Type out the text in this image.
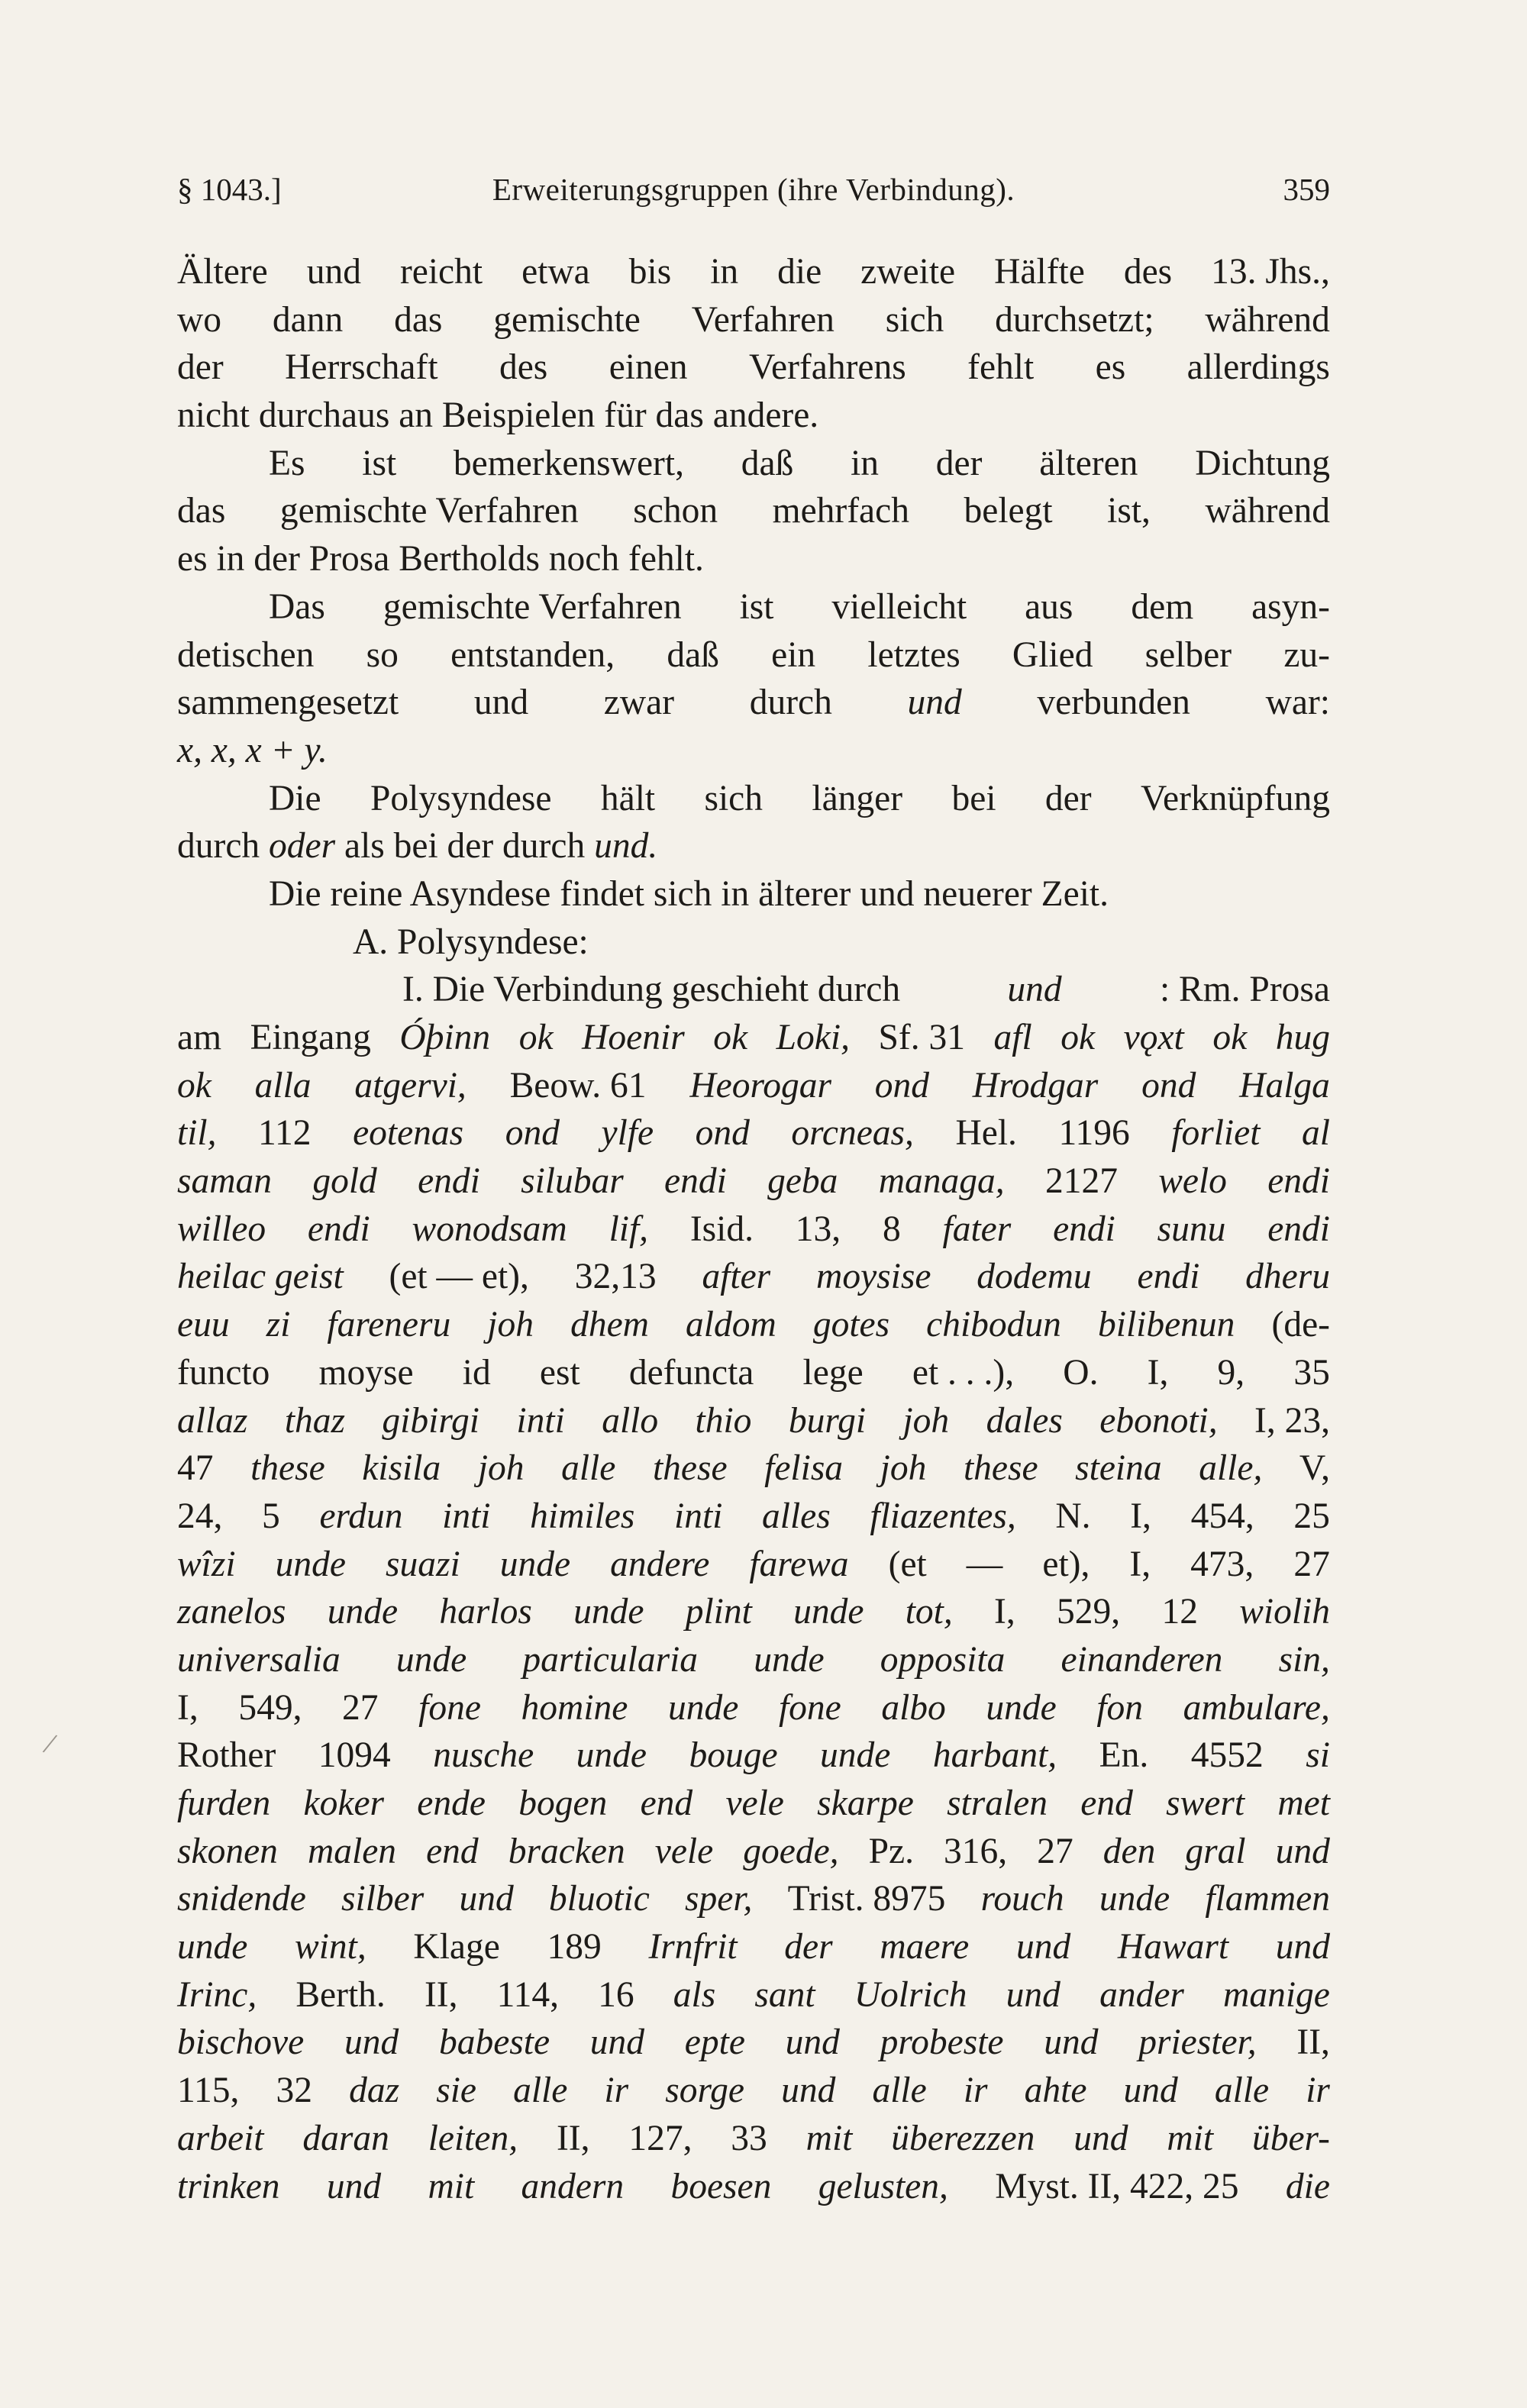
§ 1043.]	Erweiterungsgruppen (ihre Verbindung).	359
Ältere und reicht etwa bis in die zweite Hälfte des 13. Jhs.,
wo dann das gemischte Verfahren sich durchsetzt; während
der Herrschaft des einen Verfahrens fehlt es allerdings
nicht durchaus an Beispielen für das andere.
Es ist bemerkenswert, daß in der älteren Dichtung
das gemischte Verfahren schon mehrfach belegt ist, während
es in der Prosa Bertholds noch fehlt.
Das gemischte Verfahren ist vielleicht aus dem asyn-
detischen so entstanden, daß ein letztes Glied selber zu-
sammengesetzt und zwar durch und verbunden war:
x, x, x + y.
Die Polysyndese hält sich länger bei der Verknüpfung
durch oder als bei der durch und.
Die reine Asyndese findet sich in älterer und neuerer Zeit.
A. Polysyndese:
I. Die Verbindung geschieht durch	und	: Rm. Prosa
am Eingang Óþinn ok Hoenir ok Loki, Sf. 31 afl ok vǫxt ok hug
ok alla atgervi, Beow. 61 Heorogar ond Hrodgar ond Halga
til, 112 eotenas ond ylfe ond orcneas, Hel. 1196 forliet al
saman gold endi silubar endi geba managa, 2127 welo endi
willeo endi wonodsam lif, Isid. 13, 8 fater endi sunu endi
heilac geist (et — et), 32,13 after moysise dodemu endi dheru
euu zi fareneru joh dhem aldom gotes chibodun bilibenun (de-
functo moyse id est defuncta lege et . . .), O. I, 9, 35
allaz thaz gibirgi inti allo thio burgi joh dales ebonoti, I, 23,
47 these kisila joh alle these felisa joh these steina alle, V,
24, 5 erdun inti himiles inti alles fliazentes, N. I, 454, 25
wîzi unde suazi unde andere farewa (et — et), I, 473, 27
zanelos unde harlos unde plint unde tot, I, 529, 12 wiolih
universalia unde particularia unde opposita einanderen sin,
I, 549, 27 fone homine unde fone albo unde fon ambulare,
Rother 1094 nusche unde bouge unde harbant, En. 4552 si
furden koker ende bogen end vele skarpe stralen end swert met
skonen malen end bracken vele goede, Pz. 316, 27 den gral und
snidende silber und bluotic sper, Trist. 8975 rouch unde flammen
unde wint, Klage 189 Irnfrit der maere und Hawart und
Irinc, Berth. II, 114, 16 als sant Uolrich und ander manige
bischove und babeste und epte und probeste und priester, II,
115, 32 daz sie alle ir sorge und alle ir ahte und alle ir
arbeit daran leiten, II, 127, 33 mit überezzen und mit über-
trinken und mit andern boesen gelusten, Myst. II, 422, 25 die
/
